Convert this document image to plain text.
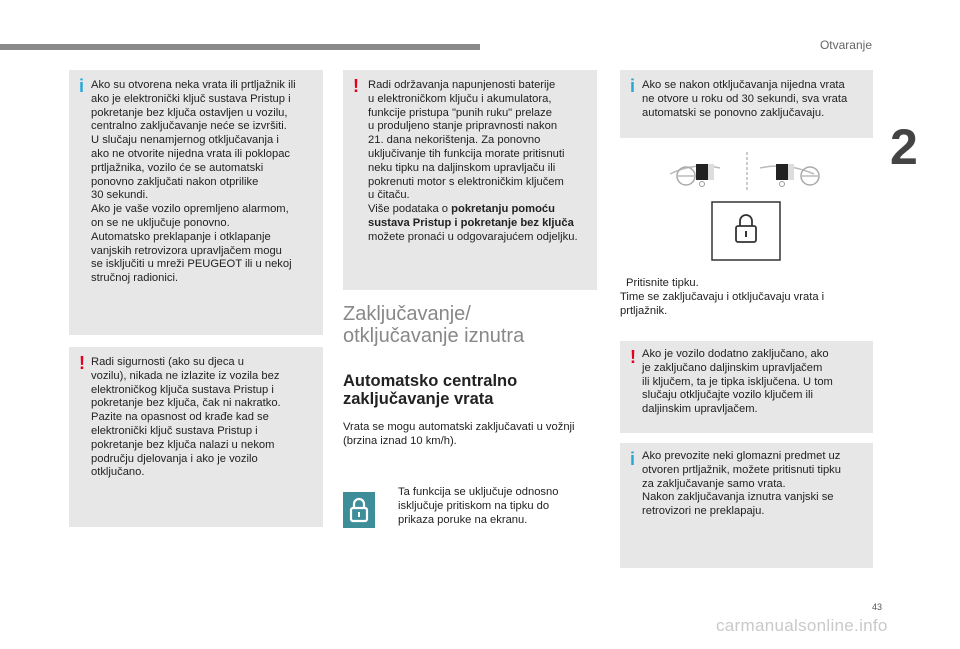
Otvaranje
2
i Ako su otvorena neka vrata ili prtljažnik ili
ako je elektronički ključ sustava Pristup i
pokretanje bez ključa ostavljen u vozilu,
centralno zaključavanje neće se izvršiti.
U slučaju nenamjernog otključavanja i
ako ne otvorite nijedna vrata ili poklopac
prtljažnika, vozilo će se automatski
ponovno zaključati nakon otprilike
30 sekundi.
Ako je vaše vozilo opremljeno alarmom,
on se ne uključuje ponovno.
Automatsko preklapanje i otklapanje
vanjskih retrovizora upravljačem mogu
se isključiti u mreži PEUGEOT ili u nekoj
stručnoj radionici.
! Radi sigurnosti (ako su djeca u
vozilu), nikada ne izlazite iz vozila bez
elektroničkog ključa sustava Pristup i
pokretanje bez ključa, čak ni nakratko.
Pazite na opasnost od krađe kad se
elektronički ključ sustava Pristup i
pokretanje bez ključa nalazi u nekom
području djelovanja i ako je vozilo
otključano.
! Radi održavanja napunjenosti baterije
u elektroničkom ključu i akumulatora,
funkcije pristupa "punih ruku" prelaze
u produljeno stanje pripravnosti nakon
21. dana nekorištenja. Za ponovno
uključivanje tih funkcija morate pritisnuti
neku tipku na daljinskom upravljaču ili
pokrenuti motor s elektroničkim ključem
u čitaču.
Više podataka o pokretanju pomoću
sustava Pristup i pokretanje bez ključa
možete pronaći u odgovarajućem odjeljku.
Zaključavanje/
otključavanje iznutra
Automatsko centralno
zaključavanje vrata
Vrata se mogu automatski zaključavati u vožnji
(brzina iznad 10 km/h).
Ta funkcija se uključuje odnosno
isključuje pritiskom na tipku do
prikaza poruke na ekranu.
i Ako se nakon otključavanja nijedna vrata
ne otvore u roku od 30 sekundi, sva vrata
automatski se ponovno zaključavaju.
Pritisnite tipku.
Time se zaključavaju i otključavaju vrata i
prtljažnik.
! Ako je vozilo dodatno zaključano, ako
je zaključano daljinskim upravljačem
ili ključem, ta je tipka isključena. U tom
slučaju otključajte vozilo ključem ili
daljinskim upravljačem.
i Ako prevozite neki glomazni predmet uz
otvoren prtljažnik, možete pritisnuti tipku
za zaključavanje samo vrata.
Nakon zaključavanja iznutra vanjski se
retrovizori ne preklapaju.
43
carmanualsonline.info
